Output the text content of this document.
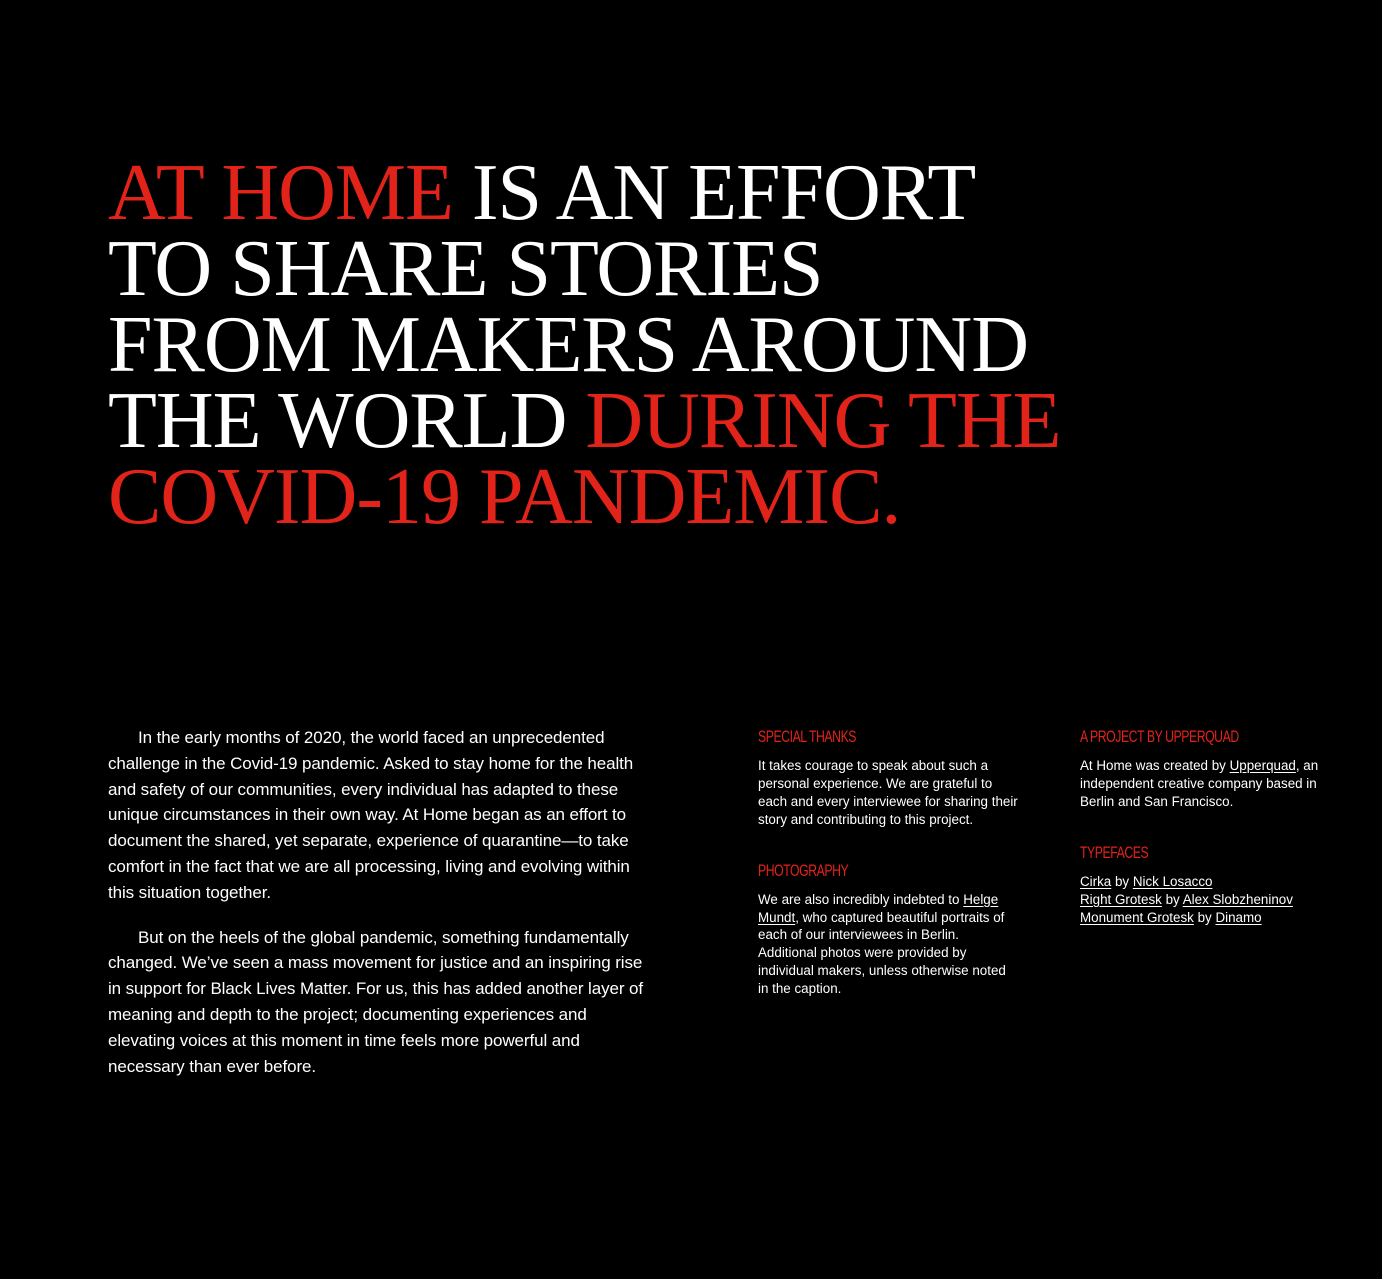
AT HOME IS AN EFFORT
TO SHARE STORIES
FROM MAKERS AROUND
THE WORLD DURING THE
COVID-19 PANDEMIC.

In the early months of 2020, the world faced an unprecedented challenge in the Covid-19 pandemic. Asked to stay home for the health and safety of our communities, every individual has adapted to these unique circumstances in their own way. At Home began as an effort to document the shared, yet separate, experience of quarantine—to take comfort in the fact that we are all processing, living and evolving within this situation together.

But on the heels of the global pandemic, something fundamentally changed. We’ve seen a mass movement for justice and an inspiring rise in support for Black Lives Matter. For us, this has added another layer of meaning and depth to the project; documenting experiences and elevating voices at this moment in time feels more powerful and necessary than ever before.

SPECIAL THANKS

It takes courage to speak about such a personal experience. We are grateful to each and every interviewee for sharing their story and contributing to this project.

PHOTOGRAPHY

We are also incredibly indebted to Helge Mundt, who captured beautiful portraits of each of our interviewees in Berlin. Additional photos were provided by individual makers, unless otherwise noted in the caption.

A PROJECT BY UPPERQUAD

At Home was created by Upperquad, an independent creative company based in Berlin and San Francisco.

TYPEFACES

Cirka by Nick Losacco
Right Grotesk by Alex Slobzheninov
Monument Grotesk by Dinamo
